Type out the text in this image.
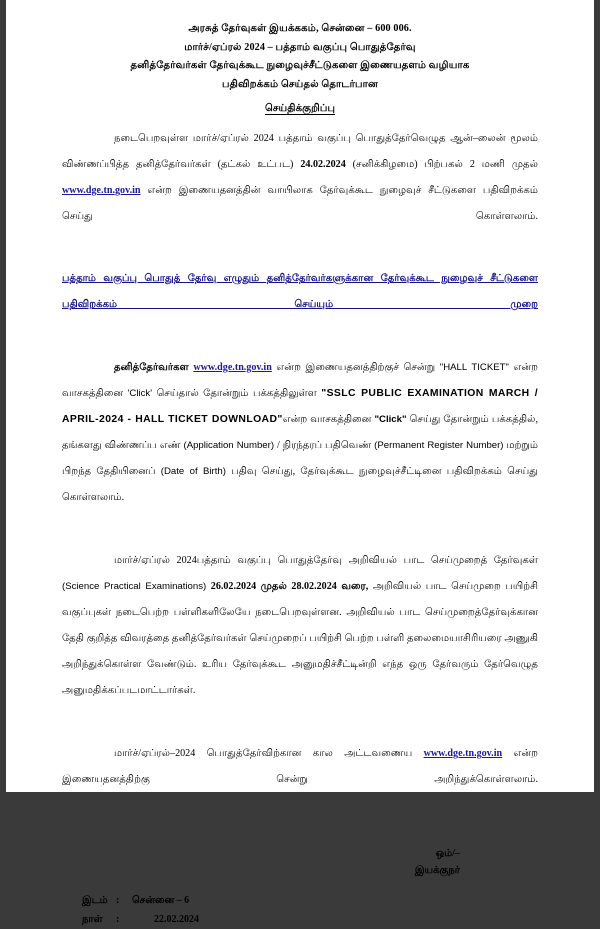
அரசுத் தேர்வுகள் இயக்ககம், சென்னை – 600 006.
மார்ச்/ஏப்ரல் 2024 – பத்தாம் வகுப்பு பொதுத்தேர்வு
தனித்தேர்வர்கள் தேர்வுக்கூட நுழைவுச்சீட்டுகளை இணையதளம் வழியாக
பதிவிறக்கம் செய்தல் தொடர்பான
செய்திக்குறிப்பு

நடைபெறவுள்ள மார்ச்/ஏப்ரல் 2024 பத்தாம் வகுப்பு பொதுத்தேர்வெழுத ஆன்–லைன் மூலம் விண்ணப்பித்த தனித்தேர்வர்கள் (தட்கல் உட்பட) 24.02.2024 (சனிக்கிழமை) பிற்பகல் 2 மணி முதல் www.dge.tn.gov.in என்ற இணையதனத்தின் வாயிலாக தேர்வுக்கூட நுழைவுச் சீட்டுகளை பதிவிறக்கம் செய்து கொள்ளலாம்.

பத்தாம் வகுப்பு பொதுத் தேர்வு எழுதும் தனித்தேர்வர்களுக்கான தேர்வுக்கூட நுழைவுச் சீட்டுகளை பதிவிறக்கம் செய்யும் முறை

தனித்தேர்வர்கள www.dge.tn.gov.in என்ற இணையதனத்திற்குச் சென்று "HALL TICKET" என்ற வாசகத்தினை 'Click' செய்தால் தோன்றும் பக்கத்திலுள்ள "SSLC PUBLIC EXAMINATION MARCH / APRIL-2024 - HALL TICKET DOWNLOAD"என்ற வாசகத்தினை "Click" செய்து தோன்றும் பக்கத்தில், தங்களது விண்ணப்ப எண் (Application Number) / நிரந்தரப் பதிவெண் (Permanent Register Number) மற்றும் பிறந்த தேதியினைப் (Date of Birth) பதிவு செய்து, தேர்வுக்கூட நுழைவுச்சீட்டினை பதிவிறக்கம் செய்து கொள்ளலாம்.

மார்ச்/ஏப்ரல் 2024பத்தாம் வகுப்பு பொதுத்தேர்வு அறிவியல் பாட செய்முறைத் தேர்வுகள் (Science Practical Examinations) 26.02.2024 முதல் 28.02.2024 வரை, அறிவியல் பாட செய்முறை பயிற்சி வகுப்புகள் நடைபெற்ற பள்ளிகளிலேயே நடைபெறவுள்ளன. அறிவியல் பாட செய்முறைத்தேர்வுக்கான தேதி குறித்த விவரத்தை தனித்தேர்வர்கள் செய்முறைப் பயிற்சி பெற்ற பள்ளி தலைமையாசிரியரை அணுகி அறிந்துக்கொள்ள வேண்டும். உரிய தேர்வுக்கூட அனுமதிச்சீட்டின்றி எந்த ஒரு தேர்வரும் தேர்வெழுத அனுமதிக்கப்படமாட்டார்கள்.

மார்ச்/ஏப்ரல்–2024 பொதுத்தேர்விற்கான கால அட்டவணைய www.dge.tn.gov.in என்ற இணையதனத்திற்கு சென்று அறிந்துக்கொள்ளலாம்.

ஒம்/–
இயக்குநர்
இடம் :	சென்னை – 6
நாள்	:	22.02.2024
